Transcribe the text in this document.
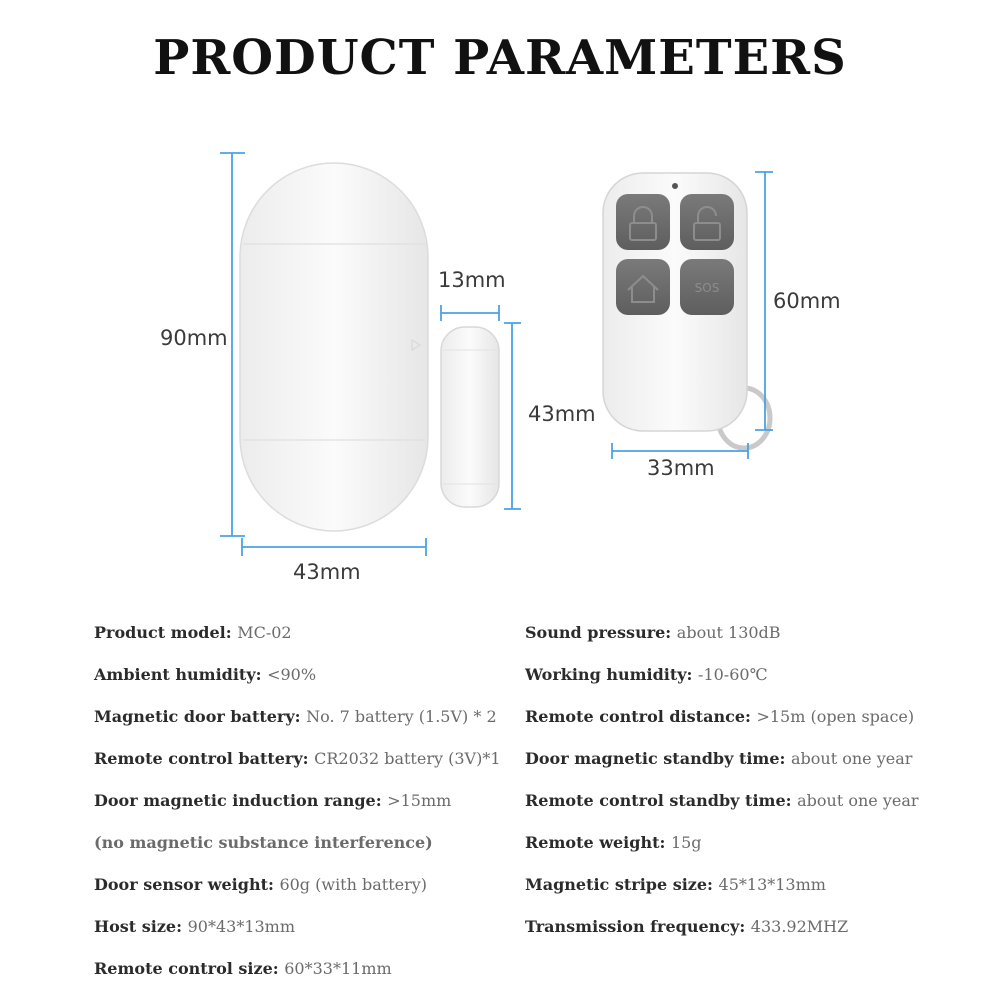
PRODUCT PARAMETERS
SOS
90mm
43mm
13mm
43mm
60mm
33mm
Product model: MC-02
Ambient humidity: <90%
Magnetic door battery: No. 7 battery (1.5V) * 2
Remote control battery: CR2032 battery (3V)*1
Door magnetic induction range: >15mm
(no magnetic substance interference)
Door sensor weight: 60g (with battery)
Host size: 90*43*13mm
Remote control size: 60*33*11mm
Sound pressure: about 130dB
Working humidity: -10-60℃
Remote control distance: >15m (open space)
Door magnetic standby time: about one year
Remote control standby time: about one year
Remote weight: 15g
Magnetic stripe size: 45*13*13mm
Transmission frequency: 433.92MHZ
